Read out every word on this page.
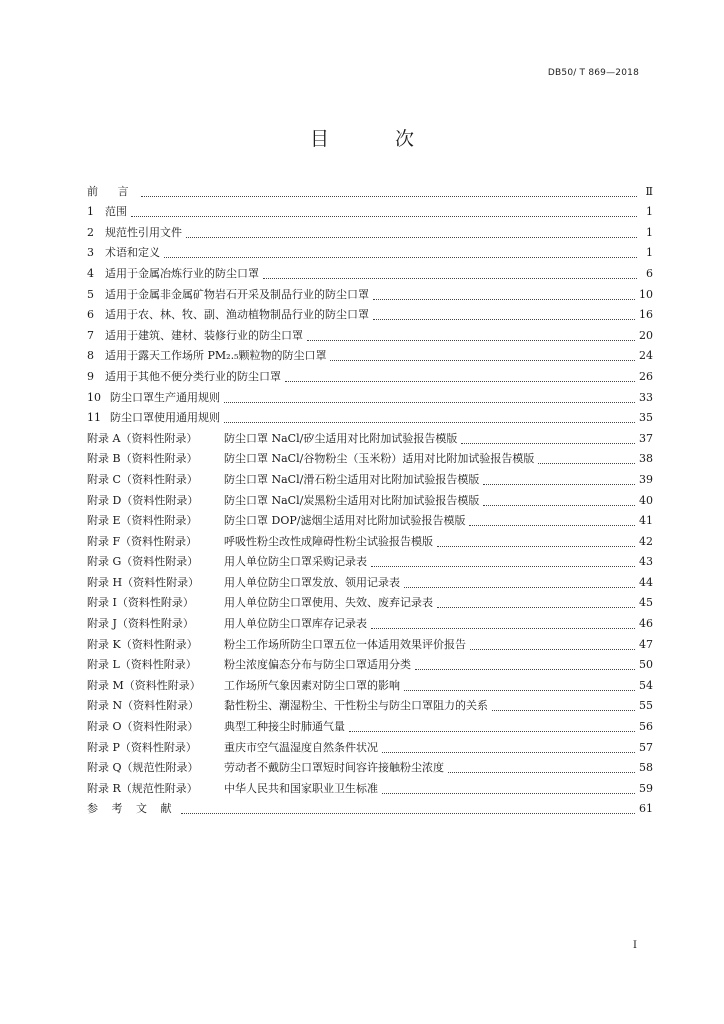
DB50/ T 869—2018
目 次
前 言	Ⅱ
1	范围	1
2	规范性引用文件	1
3	术语和定义	1
4	适用于金属冶炼行业的防尘口罩	6
5	适用于金属非金属矿物岩石开采及制品行业的防尘口罩	10
6	适用于农、林、牧、副、渔动植物制品行业的防尘口罩	16
7	适用于建筑、建材、装修行业的防尘口罩	20
8	适用于露天工作场所 PM₂.₅颗粒物的防尘口罩	24
9	适用于其他不便分类行业的防尘口罩	26
10 防尘口罩生产通用规则	33
11 防尘口罩使用通用规则	35
附录 A（资料性附录）	防尘口罩 NaCl/矽尘适用对比附加试验报告模版	37
附录 B（资料性附录）	防尘口罩 NaCl/谷物粉尘（玉米粉）适用对比附加试验报告模版	38
附录 C（资料性附录）	防尘口罩 NaCl/滑石粉尘适用对比附加试验报告模版	39
附录 D（资料性附录）	防尘口罩 NaCl/炭黑粉尘适用对比附加试验报告模版	40
附录 E（资料性附录）	防尘口罩 DOP/滤烟尘适用对比附加试验报告模版	41
附录 F（资料性附录）	呼吸性粉尘改性成障碍性粉尘试验报告模版	42
附录 G（资料性附录）	用人单位防尘口罩采购记录表	43
附录 H（资料性附录）	用人单位防尘口罩发放、领用记录表	44
附录 I（资料性附录）	用人单位防尘口罩使用、失效、废弃记录表	45
附录 J（资料性附录）	用人单位防尘口罩库存记录表	46
附录 K（资料性附录）	粉尘工作场所防尘口罩五位一体适用效果评价报告	47
附录 L（资料性附录）	粉尘浓度偏态分布与防尘口罩适用分类	50
附录 M（资料性附录）	工作场所气象因素对防尘口罩的影响	54
附录 N（资料性附录）	黏性粉尘、潮湿粉尘、干性粉尘与防尘口罩阻力的关系	55
附录 O（资料性附录）	典型工种接尘时肺通气量	56
附录 P（资料性附录）	重庆市空气温湿度自然条件状况	57
附录 Q（规范性附录）	劳动者不戴防尘口罩短时间容许接触粉尘浓度	58
附录 R（规范性附录）	中华人民共和国家职业卫生标准	59
参 考 文 献	61
I
